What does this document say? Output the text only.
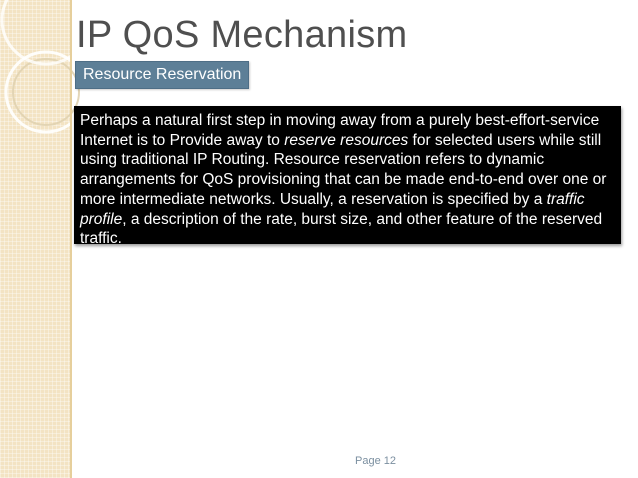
IP QoS Mechanism
Resource Reservation
Perhaps a natural first step in moving away from a purely best-effort-service Internet is to Provide away to reserve resources for selected users while still using traditional IP Routing. Resource reservation refers to dynamic arrangements for QoS provisioning that can be made end-to-end over one or more intermediate networks. Usually, a reservation is specified by a traffic profile, a description of the rate, burst size, and other feature of the reserved traffic.
Page 12
